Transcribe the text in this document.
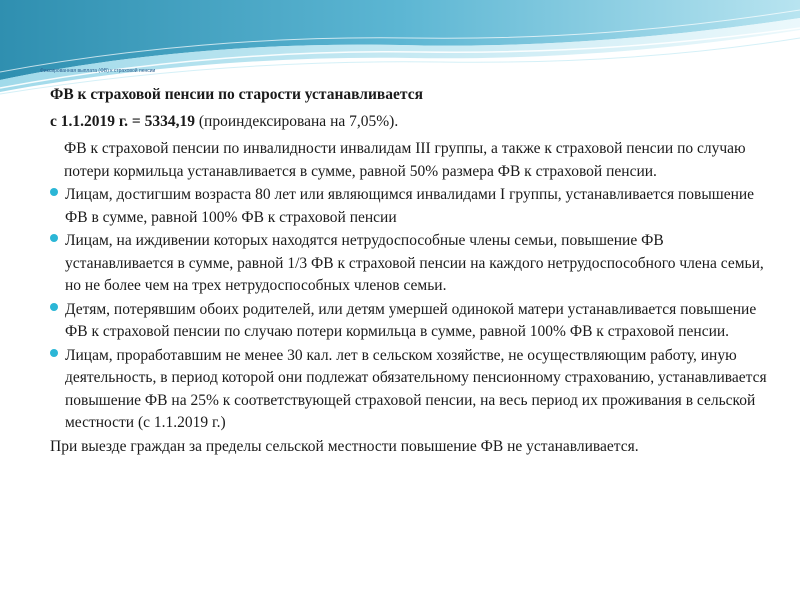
Фиксированная выплата (ФВ) к страховой пенсии
ФВ к страховой пенсии по старости устанавливается
с 1.1.2019 г. = 5334,19 (проиндексирована на 7,05%).
ФВ к страховой пенсии по инвалидности инвалидам III группы, а также к страховой пенсии по случаю потери кормильца устанавливается в сумме, равной 50% размера ФВ к страховой пенсии.
Лицам, достигшим возраста 80 лет или являющимся инвалидами I группы, устанавливается повышение ФВ в сумме, равной 100% ФВ к страховой пенсии
Лицам, на иждивении которых находятся нетрудоспособные члены семьи, повышение ФВ устанавливается в сумме, равной 1/3 ФВ к страховой пенсии на каждого нетрудоспособного члена семьи, но не более чем на трех нетрудоспособных членов семьи.
Детям, потерявшим обоих родителей, или детям умершей одинокой матери устанавливается повышение ФВ к страховой пенсии по случаю потери кормильца в сумме, равной 100% ФВ к страховой пенсии.
Лицам, проработавшим не менее 30 кал. лет в сельском хозяйстве, не осуществляющим работу, иную деятельность, в период которой они подлежат обязательному пенсионному страхованию, устанавливается повышение ФВ на 25% к соответствующей страховой пенсии, на весь период их проживания в сельской местности (с 1.1.2019 г.)
При выезде граждан за пределы сельской местности повышение ФВ не устанавливается.
